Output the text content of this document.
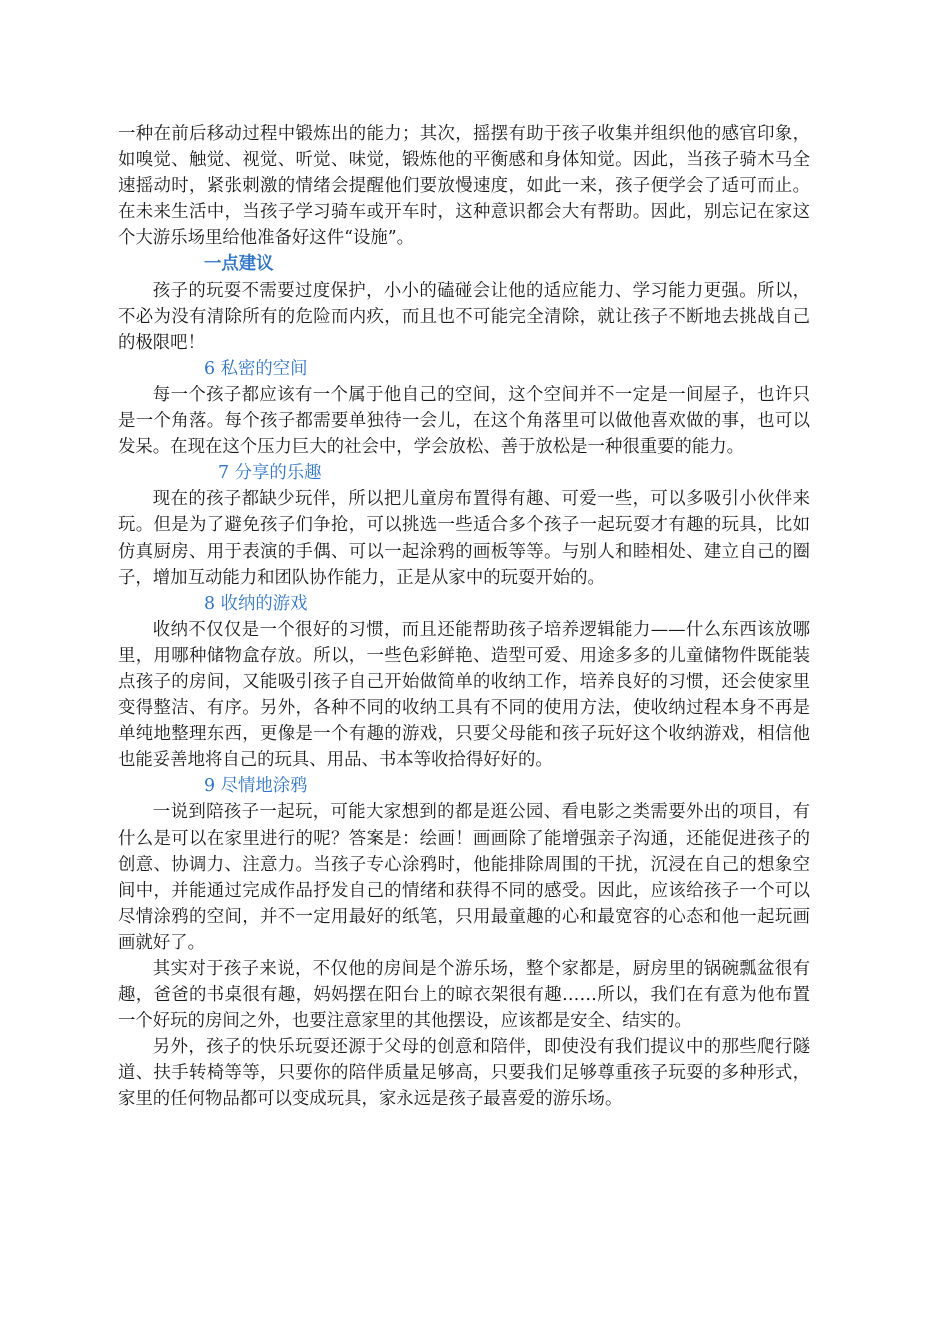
一种在前后移动过程中锻炼出的能力；其次，摇摆有助于孩子收集并组织他的感官印象，如嗅觉、触觉、视觉、听觉、味觉，锻炼他的平衡感和身体知觉。因此，当孩子骑木马全速摇动时，紧张刺激的情绪会提醒他们要放慢速度，如此一来，孩子便学会了适可而止。在未来生活中，当孩子学习骑车或开车时，这种意识都会大有帮助。因此，别忘记在家这个大游乐场里给他准备好这件“设施”。

一点建议

孩子的玩耍不需要过度保护，小小的磕碰会让他的适应能力、学习能力更强。所以，不必为没有清除所有的危险而内疚，而且也不可能完全清除，就让孩子不断地去挑战自己的极限吧！

6 私密的空间

每一个孩子都应该有一个属于他自己的空间，这个空间并不一定是一间屋子，也许只是一个角落。每个孩子都需要单独待一会儿，在这个角落里可以做他喜欢做的事，也可以发呆。在现在这个压力巨大的社会中，学会放松、善于放松是一种很重要的能力。

7 分享的乐趣

现在的孩子都缺少玩伴，所以把儿童房布置得有趣、可爱一些，可以多吸引小伙伴来玩。但是为了避免孩子们争抢，可以挑选一些适合多个孩子一起玩耍才有趣的玩具，比如仿真厨房、用于表演的手偶、可以一起涂鸦的画板等等。与别人和睦相处、建立自己的圈子，增加互动能力和团队协作能力，正是从家中的玩耍开始的。

8 收纳的游戏

收纳不仅仅是一个很好的习惯，而且还能帮助孩子培养逻辑能力——什么东西该放哪里，用哪种储物盒存放。所以，一些色彩鲜艳、造型可爱、用途多多的儿童储物件既能装点孩子的房间，又能吸引孩子自己开始做简单的收纳工作，培养良好的习惯，还会使家里变得整洁、有序。另外，各种不同的收纳工具有不同的使用方法，使收纳过程本身不再是单纯地整理东西，更像是一个有趣的游戏，只要父母能和孩子玩好这个收纳游戏，相信他也能妥善地将自己的玩具、用品、书本等收拾得好好的。

9 尽情地涂鸦

一说到陪孩子一起玩，可能大家想到的都是逛公园、看电影之类需要外出的项目，有什么是可以在家里进行的呢？答案是：绘画！画画除了能增强亲子沟通，还能促进孩子的创意、协调力、注意力。当孩子专心涂鸦时，他能排除周围的干扰，沉浸在自己的想象空间中，并能通过完成作品抒发自己的情绪和获得不同的感受。因此，应该给孩子一个可以尽情涂鸦的空间，并不一定用最好的纸笔，只用最童趣的心和最宽容的心态和他一起玩画画就好了。

其实对于孩子来说，不仅他的房间是个游乐场，整个家都是，厨房里的锅碗瓢盆很有趣，爸爸的书桌很有趣，妈妈摆在阳台上的晾衣架很有趣……所以，我们在有意为他布置一个好玩的房间之外，也要注意家里的其他摆设，应该都是安全、结实的。

另外，孩子的快乐玩耍还源于父母的创意和陪伴，即使没有我们提议中的那些爬行隧道、扶手转椅等等，只要你的陪伴质量足够高，只要我们足够尊重孩子玩耍的多种形式，家里的任何物品都可以变成玩具，家永远是孩子最喜爱的游乐场。
